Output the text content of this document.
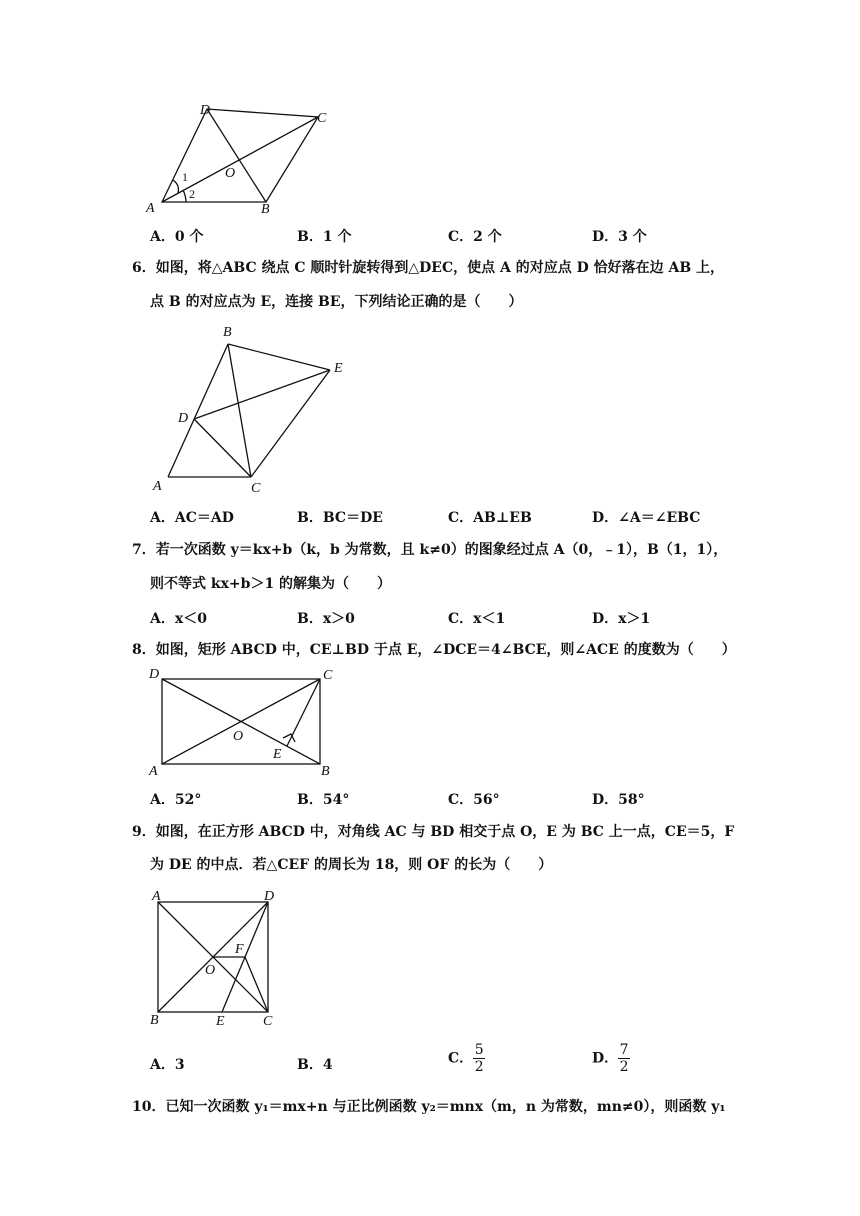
A	B
C
D
O
1
2
A．0 个	B．1 个	C．2 个	D．3 个
6．如图，将△ABC 绕点 C 顺时针旋转得到△DEC，使点 A 的对应点 D 恰好落在边 AB 上，
点 B 的对应点为 E，连接 BE，下列结论正确的是（　　）
A
B
C
D
E
A．AC＝AD	B．BC＝DE	C．AB⊥EB	D．∠A＝∠EBC
7．若一次函数 y＝kx+b（k，b 为常数，且 k≠0）的图象经过点 A（0，﹣1），B（1，1），
则不等式 kx+b＞1 的解集为（　　）
A．x＜0	B．x＞0	C．x＜1	D．x＞1
8．如图，矩形 ABCD 中，CE⊥BD 于点 E，∠DCE＝4∠BCE，则∠ACE 的度数为（　　）
A	B
C
D
E
O
A．52°	B．54°	C．56°	D．58°
9．如图，在正方形 ABCD 中，对角线 AC 与 BD 相交于点 O，E 为 BC 上一点，CE＝5，F
为 DE 的中点．若△CEF 的周长为 18，则 OF 的长为（　　）
A
B	C
D
E
F
O
A．3	B．4	C． $\frac{5}{2}$	D． $\frac{7}{2}$
10．已知一次函数 y₁＝mx+n 与正比例函数 y₂＝mnx（m，n 为常数，mn≠0），则函数 y₁
